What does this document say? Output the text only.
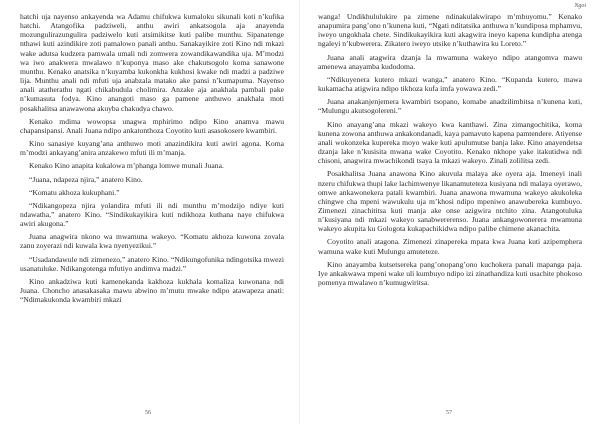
hatchi uja nayenso ankayenda wa Adamu chifukwa kumaloku sikunali koti n’kufika hatchi. Atangofika padziweli, anthu awiri ankatsogola aja anayenda mozungulirazungulira padziwelo kuti atsimikitse kuti palibe munthu. Sipanatenge nthawi kuti azindikire zoti pamalowo panali anthu. Sanakayikire zoti Kino ndi mkazi wake adutsa kudzera pamwala umali ndi zomwera zowandikawandika uja. M’modzi wa iwo anakwera mwalawo n’kuponya maso ake chakutsogolo koma sanawone munthu. Kenako anatsika n’kuyamba kukonkha kukhosi kwake ndi madzi a padziwe lija. Munthu anali ndi mfuti uja anabzala matako ake pansi n’kumapuma. Nayenso anali atatherathu ngati chikabudula cholimira. Anzake aja anakhala pambali pake n’kumasuta fodya. Kino anangoti maso ga pamene anthuwo anakhala moti posakhalitsa anawawona akuyba chakudya chawo.

Kenako mdima wowopsa unagwa mphirimo ndipo Kino anamva mawu chapansipansi. Anali Juana ndipo ankatonthoza Coyotito kuti asasokosere kwambiri.

Kino sanasiye kuyang’ana anthuwo moti anazindikira kuti awiri agona. Koma m’modzi ankayang’anira anzakewo mfuti ili m’manja.

Kenako Kino anapita kukalowa m’phanga lomwe munali Juana.

“Juana, ndapeza njira,” anatero Kino.

“Komatu akhoza kukuphani.”

“Ndikangopeza njira yolandira mfuti ili ndi munthu m’modzijo ndiye kuti ndawatha,” anatero Kino. “Sindikukayikira kuti ndikhoza kuthana naye chifukwa awiri akugona.”

Juana anagwira nkono wa mwamuna wakeyo. “Komatu akhoza kuwona zovala zanu zoyerazi ndi kuwala kwa nyenyezikui.”

“Usadandawule ndi zimenezo,” anatero Kino. “Ndikungofunika ndingotsika mwezi usanatuluke. Ndikangotenga mfutiyo andimva madzi.”

Kino ankadziwa kuti kamenekanda kakhoza kukhala komaliza kuwonana ndi Juana. Choncho anasakasaka mawu abwino m’mutu mwake ndipo atawapeza anati: “Ndimakukonda kwambiri mkazi

56
Ngoi

wanga! Undikhululukire pa zimene ndinakulakwirapo m’mbuyomu.” Kenako anapumira pang’ono n’kunena kuti, “Ngati nditatsika anthuwa n’kundiposa mphamvu, iweyo ungokhala chete. Sindikukayikira kuti akagwira ineyo kapena kundipha atenga ngaleyi n’kubwerera. Zikatero iweyo utsike n’kuthawira ku Loreto.”

Juana anali atagwira dzanja la mwamuna wakeyo ndipo atangomva mawu amenewa anayamba kudodoma.

“Ndikuyenera kutero mkazi wanga,” anatero Kino. “Kupanda kutero, mawa kukamacha atigwira ndipo tikhoza kufa imfa yowawa zedi.”

Juana anakanjenjemera kwambiri tsopano, komabe anadzilimbitsa n’kunena kuti, “Mulungu akutsogolereni.”

Kino anayang’ana mkazi wakeyo kwa kanthawi. Zina zimangochitika, koma kunena zowona anthuwa ankakondanadi, kaya pamavuto kapena pamtendere. Atiyense anali wokonzeka kupereka moyo wake kuti apulumutse banja lake. Kino anayendetsa dzanja lake n’kusisita mwana wake Coyotito. Kenako nkhope yake itakutidwa ndi chisoni, anagwira mwachikondi tsaya la mkazi wakeyo. Zinali zolilitsa zedi.

Posakhalitsa Juana anawona Kino akuvula malaya ake oyera aja. Imeneyi inali nzeru chifukwa thupi lake lachimwenye likanamuteteza kusiyana ndi malaya oyerawo, omwe ankawonekera patali kwambiri. Juana anawona mwamuna wakeyo akukoleka chingwe cha mpeni wawukulu uja m’khosi ndipo mpeniwo anawubereka kumbuyo. Zimenezi zinachititsa kuti manja ake onse azigwira ntchito zina. Atangotuluka n’kusiyana ndi mkazi wakeyo sanabwererenso. Juana ankangowonerera mwamuna wakeyo akupita ku Gologota kukapachikidwa ndipo palibe chimene akanachita.

Coyotito anali atagona. Zimenezi zinapereka mpata kwa Juana kuti azipemphera wamuna wake kuti Mulungu amuteteze.

Kino anayamba kutsetsereka pang’onopang’ono kuchokera panali mapanga paja. Iye ankakwawa mpeni wake uli kumbuyo ndipo izi zinathandiza kuti usachite phokoso pomenya mwalawo n’kumugwiritsa.

57
